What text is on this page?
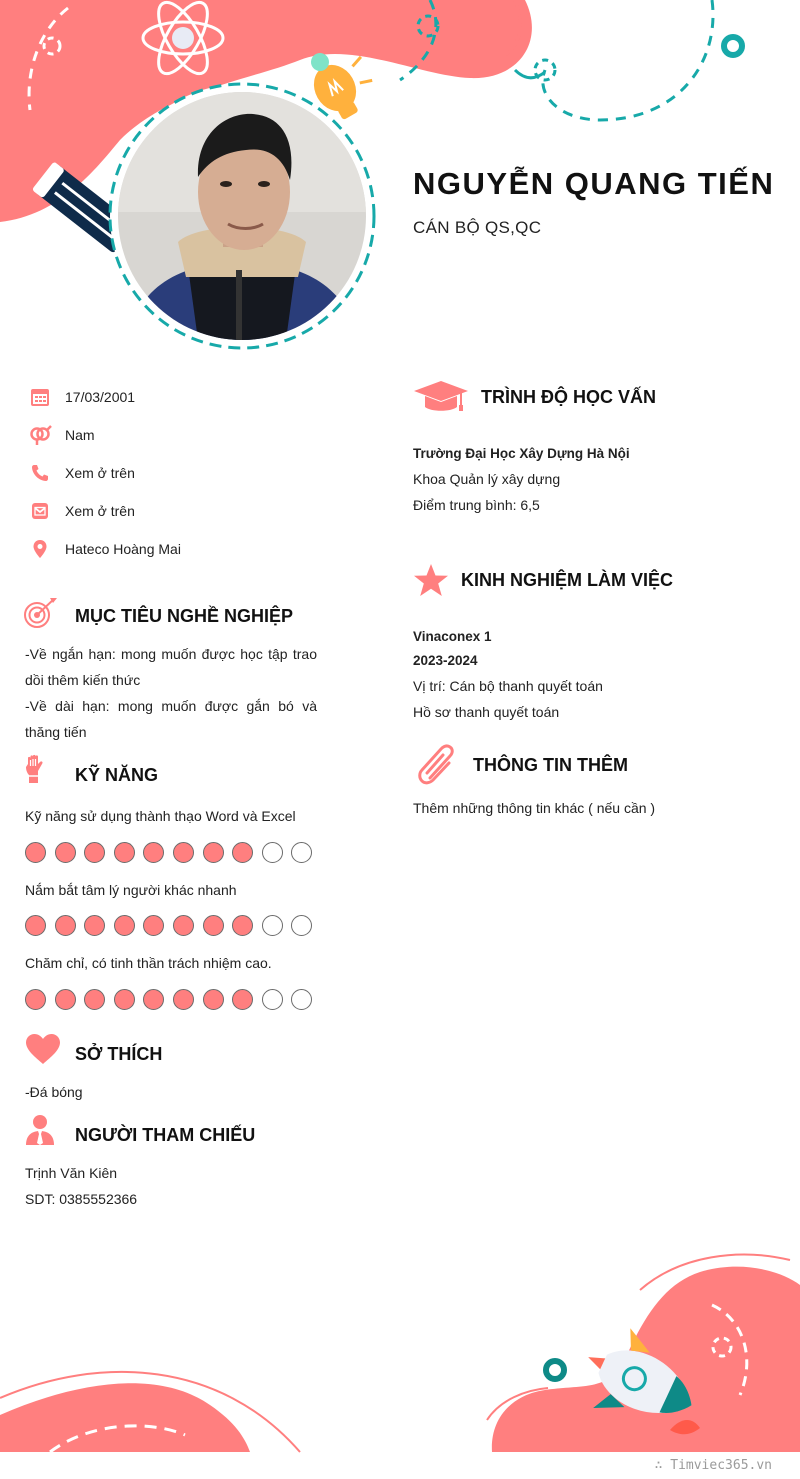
NGUYỄN QUANG TIẾN
CÁN BỘ QS,QC
17/03/2001
Nam
Xem ở trên
Xem ở trên
Hateco Hoàng Mai
MỤC TIÊU NGHỀ NGHIỆP
-Về ngắn hạn: mong muốn được học tập trao dồi thêm kiến thức
-Về dài hạn: mong muốn được gắn bó và thăng tiến
KỸ NĂNG
Kỹ năng sử dụng thành thạo Word và Excel
Nắm bắt tâm lý người khác nhanh
Chăm chỉ, có tinh thần trách nhiệm cao.
SỞ THÍCH
-Đá bóng
NGƯỜI THAM CHIẾU
Trịnh Văn Kiên
SDT: 0385552366
TRÌNH ĐỘ HỌC VẤN
Trường Đại Học Xây Dựng Hà Nội
Khoa Quản lý xây dựng
Điểm trung bình: 6,5
KINH NGHIỆM LÀM VIỆC
Vinaconex 1
2023-2024
Vị trí: Cán bộ thanh quyết toán
Hồ sơ thanh quyết toán
THÔNG TIN THÊM
Thêm những thông tin khác ( nếu cần )
∴ Timviec365.vn
